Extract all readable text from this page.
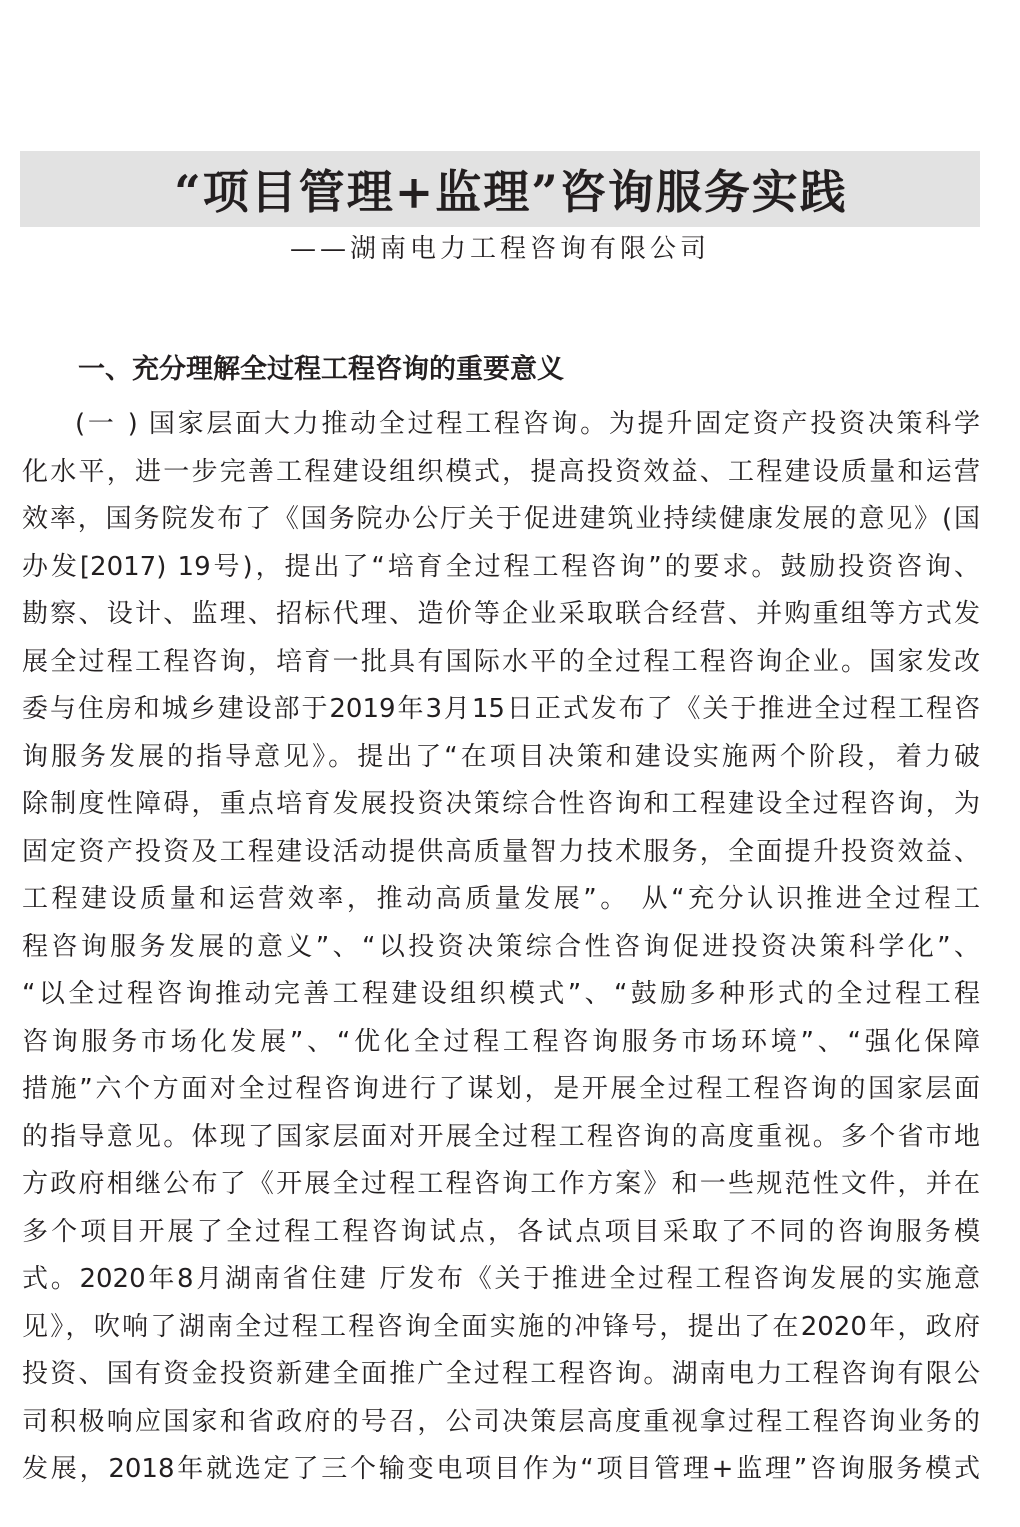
“项目管理+监理”咨询服务实践
——湖南电力工程咨询有限公司
一、充分理解全过程工程咨询的重要意义
(一 ) 国家层面大力推动全过程工程咨询。为提升固定资产投资决策科学
化水平，进一步完善工程建设组织模式，提高投资效益、工程建设质量和运营
效率，国务院发布了《国务院办公厅关于促进建筑业持续健康发展的意见》(国
办发[2017) 19号)，提出了“培育全过程工程咨询”的要求。鼓励投资咨询、
勘察、设计、监理、招标代理、造价等企业采取联合经营、并购重组等方式发
展全过程工程咨询，培育一批具有国际水平的全过程工程咨询企业。国家发改
委与住房和城乡建设部于2019年3月15日正式发布了《关于推进全过程工程咨
询服务发展的指导意见》。提出了“在项目决策和建设实施两个阶段，着力破
除制度性障碍，重点培育发展投资决策综合性咨询和工程建设全过程咨询，为
固定资产投资及工程建设活动提供高质量智力技术服务，全面提升投资效益、
工程建设质量和运营效率，推动高质量发展”。 从“充分认识推进全过程工
程咨询服务发展的意义”、“以投资决策综合性咨询促进投资决策科学化”、
“以全过程咨询推动完善工程建设组织模式”、“鼓励多种形式的全过程工程
咨询服务市场化发展”、“优化全过程工程咨询服务市场环境”、“强化保障
措施”六个方面对全过程咨询进行了谋划，是开展全过程工程咨询的国家层面
的指导意见。体现了国家层面对开展全过程工程咨询的高度重视。多个省市地
方政府相继公布了《开展全过程工程咨询工作方案》和一些规范性文件，并在
多个项目开展了全过程工程咨询试点，各试点项目采取了不同的咨询服务模
式。2020年8月湖南省住建 厅发布《关于推进全过程工程咨询发展的实施意
见》，吹响了湖南全过程工程咨询全面实施的冲锋号，提出了在2020年，政府
投资、国有资金投资新建全面推广全过程工程咨询。湖南电力工程咨询有限公
司积极响应国家和省政府的号召，公司决策层高度重视拿过程工程咨询业务的
发展，2018年就选定了三个输变电项目作为“项目管理+监理”咨询服务模式
